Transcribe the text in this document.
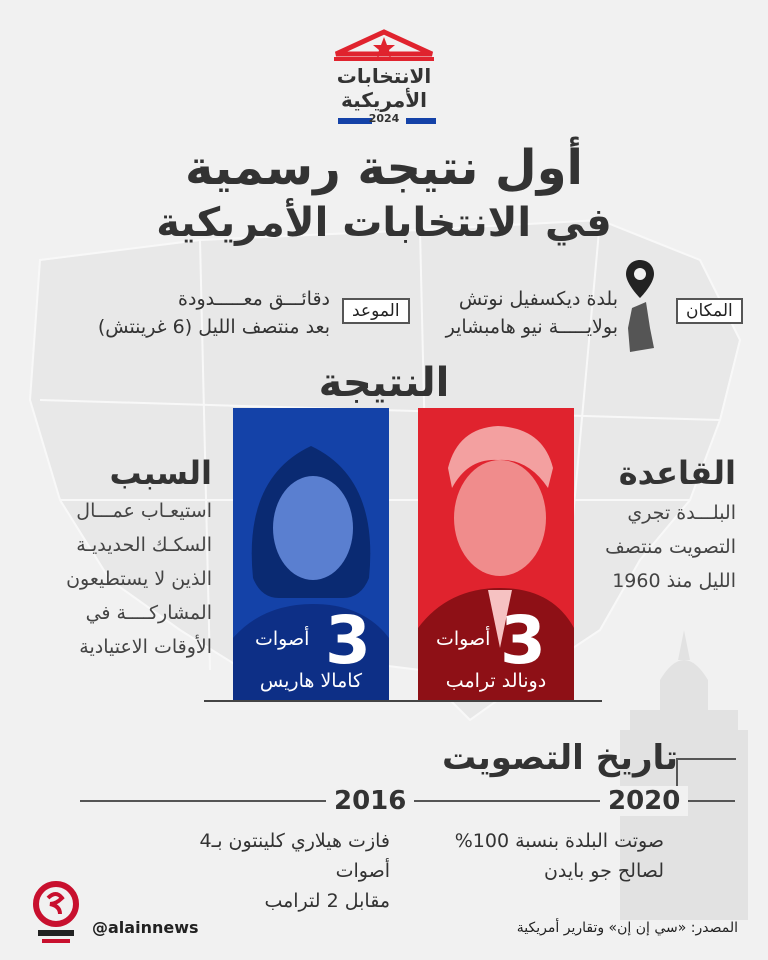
الانتخابات
الأمريكية
2024
أول نتيجة رسمية
في الانتخابات الأمريكية
المكان
بلدة ديكسفيل نوتش
بولايـــــة نيو هامبشاير
الموعد
دقائـــق معـــــدودة
بعد منتصف الليل (6 غرينتش)
النتيجة
3
أصوات
دونالد ترامب
3
أصوات
كامالا هاريس
القاعدة
البلـــدة تجري
التصويت منتصف
الليل منذ 1960
السبب
استيعـاب عمـــال
السكـك الحديديـة
الذين لا يستطيعون
المشاركــــة في
الأوقات الاعتيادية
تاريخ التصويت
2020
2016
صوتت البلدة بنسبة 100%
لصالح جو بايدن
فازت هيلاري كلينتون بـ4 أصوات
مقابل 2 لترامب
@alainnews	المصدر: «سي إن إن» وتقارير أمريكية
